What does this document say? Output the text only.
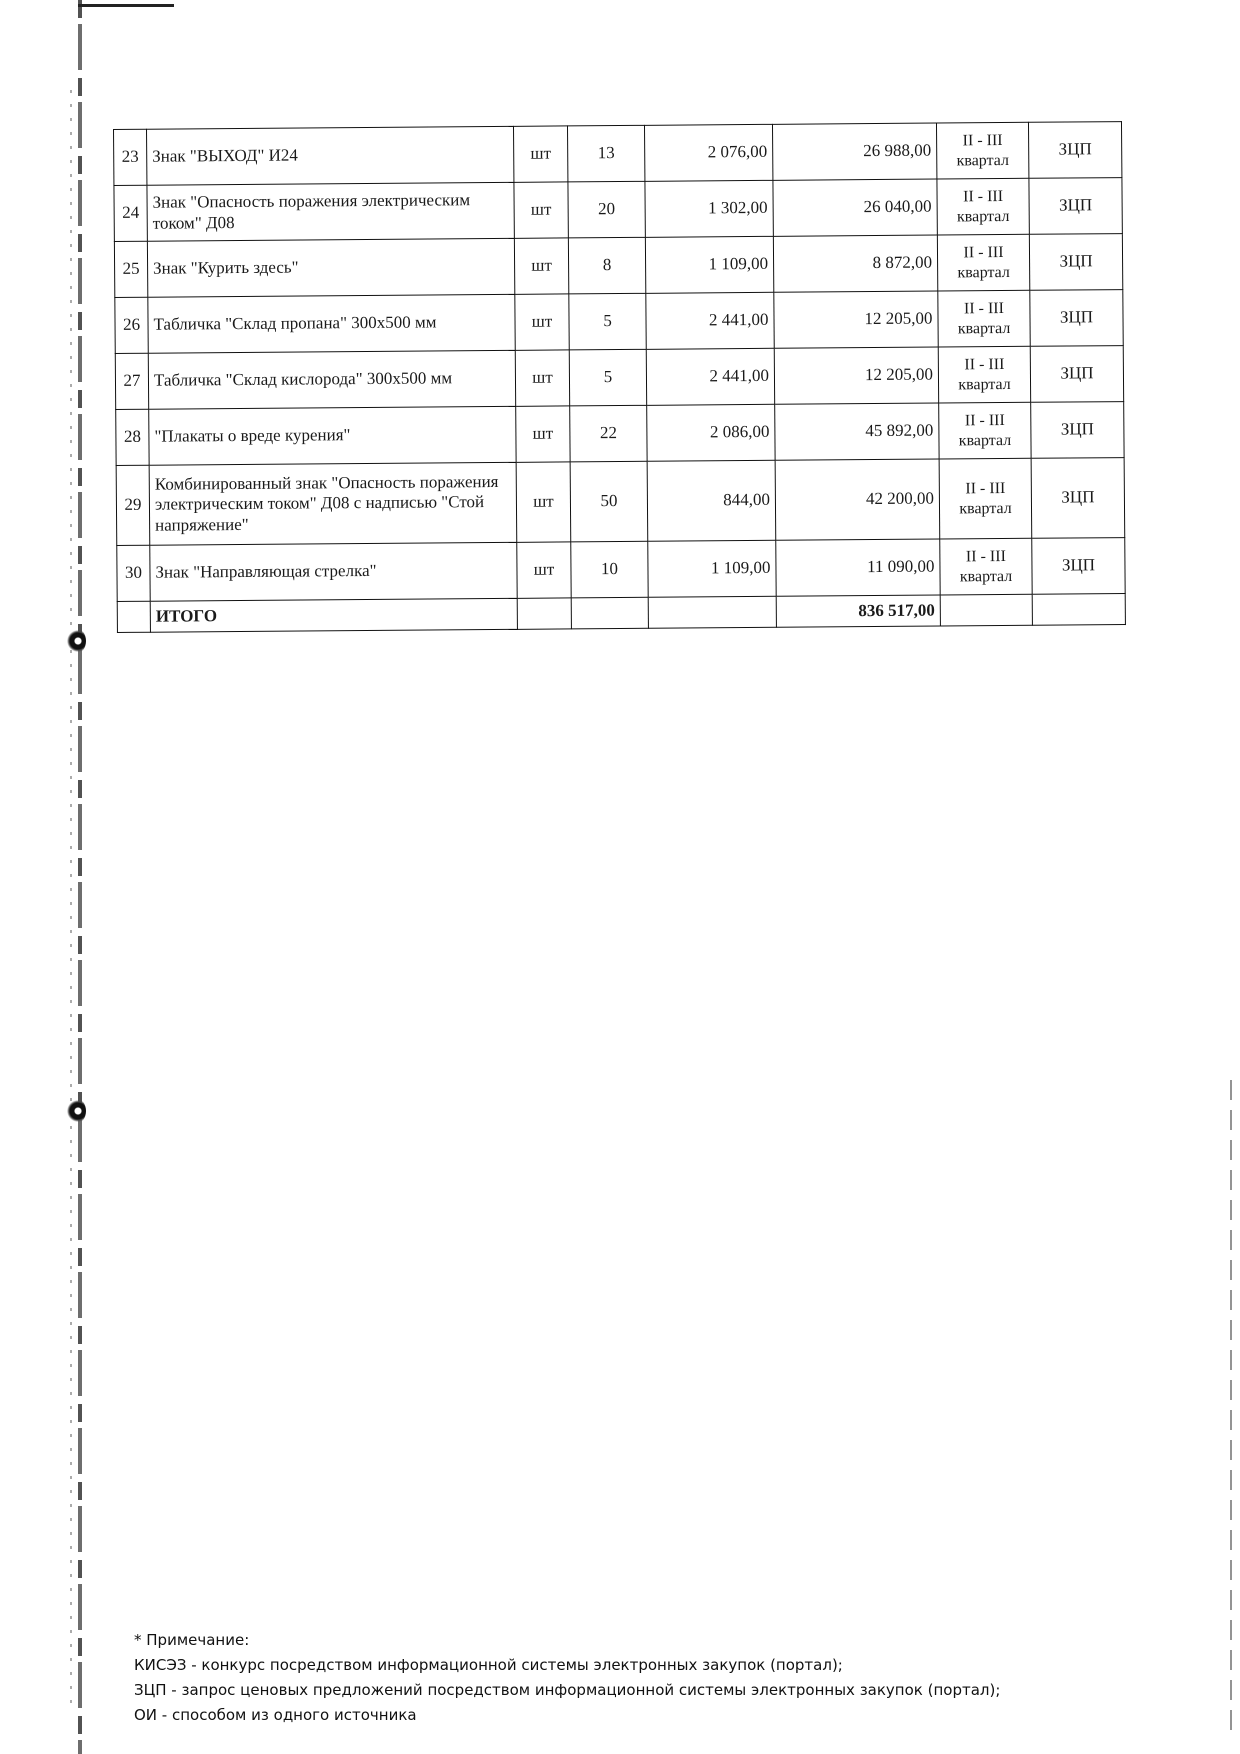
23	Знак "ВЫХОД" И24	шт	13	2 076,00	26 988,00	II - III квартал	ЗЦП
24	Знак "Опасность поражения электрическим током" Д08	шт	20	1 302,00	26 040,00	II - III квартал	ЗЦП
25	Знак "Курить здесь"	шт	8	1 109,00	8 872,00	II - III квартал	ЗЦП
26	Табличка "Склад пропана" 300х500 мм	шт	5	2 441,00	12 205,00	II - III квартал	ЗЦП
27	Табличка "Склад кислорода" 300х500 мм	шт	5	2 441,00	12 205,00	II - III квартал	ЗЦП
28	"Плакаты о вреде курения"	шт	22	2 086,00	45 892,00	II - III квартал	ЗЦП
29	Комбинированный знак "Опасность поражения электрическим током" Д08 с надписью "Стой напряжение"	шт	50	844,00	42 200,00	II - III квартал	ЗЦП
30	Знак "Направляющая стрелка"	шт	10	1 109,00	11 090,00	II - III квартал	ЗЦП
	ИТОГО				836 517,00		
* Примечание:
КИСЭЗ - конкурс посредством информационной системы электронных закупок (портал);
ЗЦП - запрос ценовых предложений посредством информационной системы электронных закупок (портал);
ОИ - способом из одного источника
